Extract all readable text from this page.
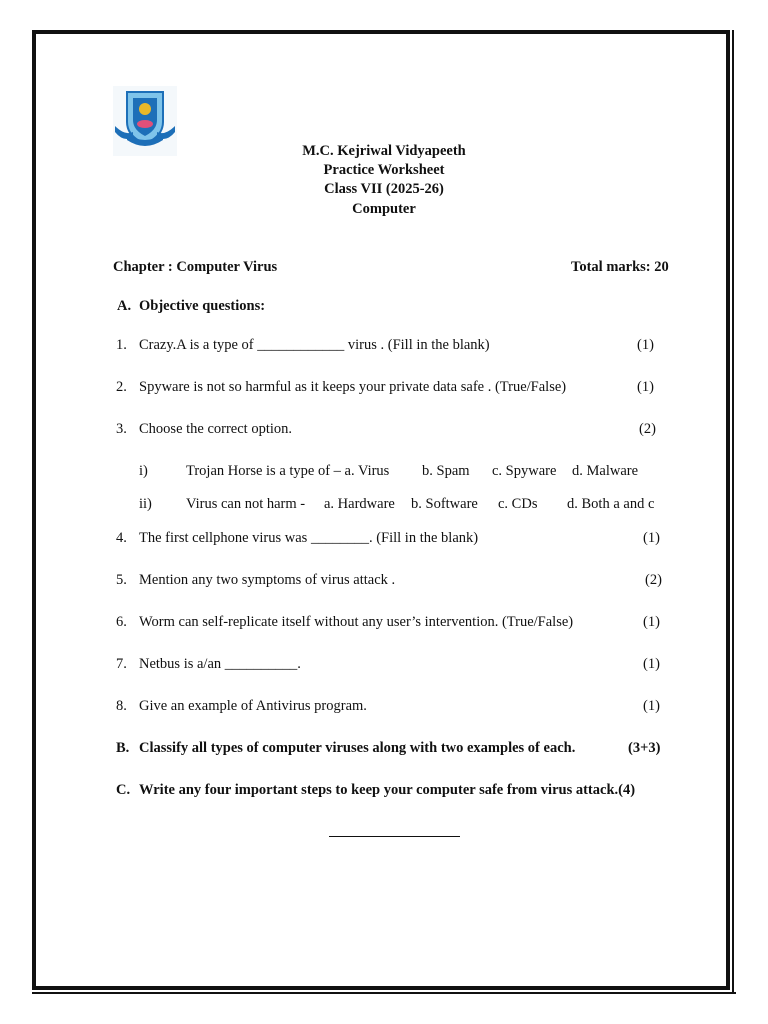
M.C. Kejriwal Vidyapeeth
Practice Worksheet
Class VII (2025-26)
Computer
Chapter : Computer Virus	Total marks: 20
A. Objective questions:
1. Crazy.A is a type of ____________ virus . (Fill in the blank)	(1)
2. Spyware is not so harmful as it keeps your private data safe . (True/False)	(1)
3. Choose the correct option.	(2)
i)	Trojan Horse is a type of – a. Virus b. Spam c. Spyware d. Malware
ii) Virus can not harm - a. Hardware b. Software c. CDs d. Both a and c
4. The first cellphone virus was ________. (Fill in the blank)	(1)
5. Mention any two symptoms of virus attack .	(2)
6. Worm can self-replicate itself without any user’s intervention. (True/False)	(1)
7. Netbus is a/an __________.	(1)
8. Give an example of Antivirus program.	(1)
B. Classify all types of computer viruses along with two examples of each.	(3+3)
C. Write any four important steps to keep your computer safe from virus attack.(4)
